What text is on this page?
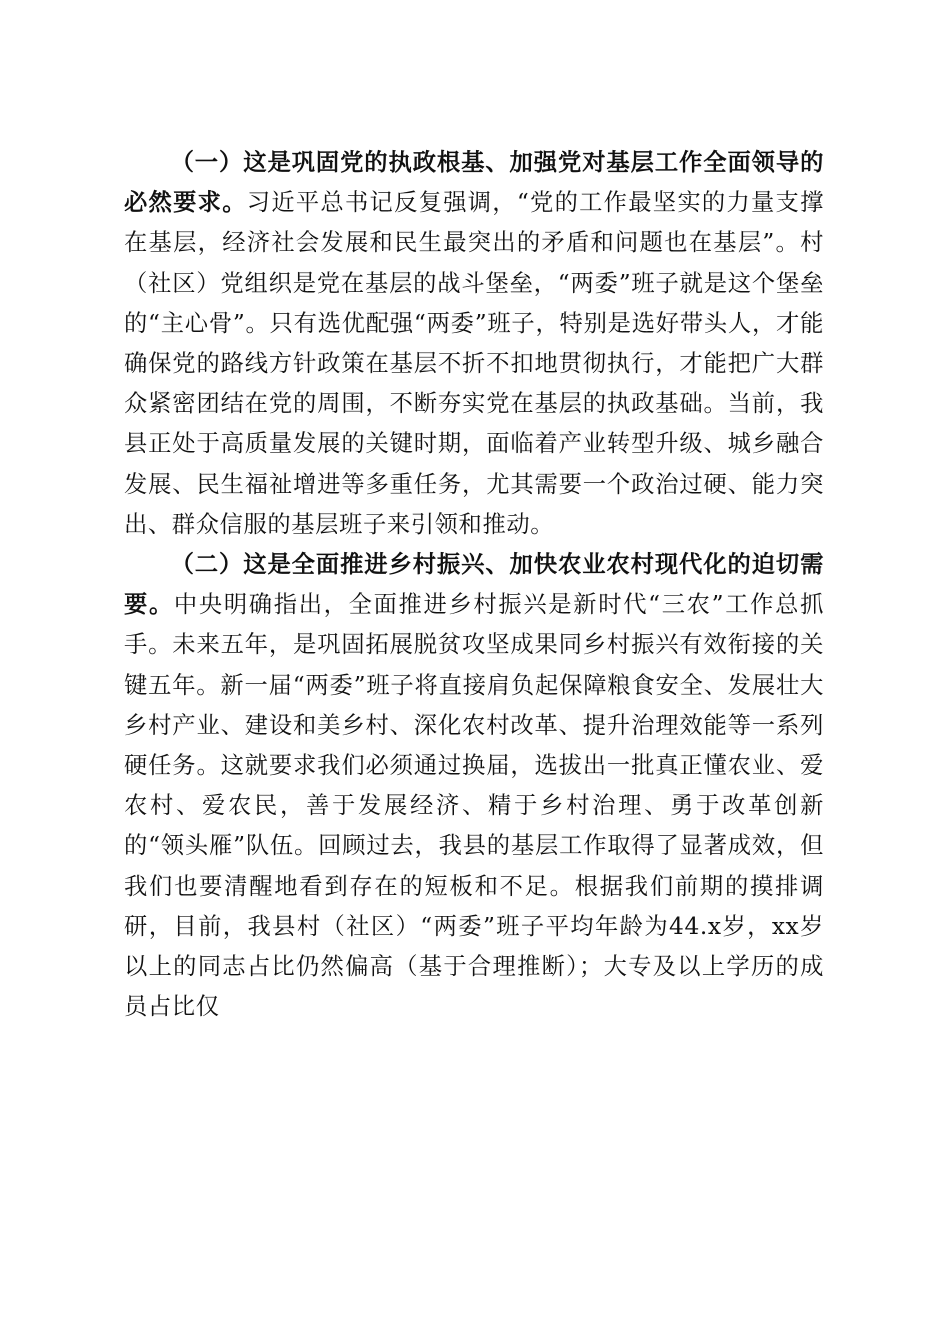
（一）这是巩固党的执政根基、加强党对基层工作全面领导的必然要求。习近平总书记反复强调，“党的工作最坚实的力量支撑在基层，经济社会发展和民生最突出的矛盾和问题也在基层”。村（社区）党组织是党在基层的战斗堡垒，“两委”班子就是这个堡垒的“主心骨”。只有选优配强“两委”班子，特别是选好带头人，才能确保党的路线方针政策在基层不折不扣地贯彻执行，才能把广大群众紧密团结在党的周围，不断夯实党在基层的执政基础。当前，我县正处于高质量发展的关键时期，面临着产业转型升级、城乡融合发展、民生福祉增进等多重任务，尤其需要一个政治过硬、能力突出、群众信服的基层班子来引领和推动。

（二）这是全面推进乡村振兴、加快农业农村现代化的迫切需要。中央明确指出，全面推进乡村振兴是新时代“三农”工作总抓手。未来五年，是巩固拓展脱贫攻坚成果同乡村振兴有效衔接的关键五年。新一届“两委”班子将直接肩负起保障粮食安全、发展壮大乡村产业、建设和美乡村、深化农村改革、提升治理效能等一系列硬任务。这就要求我们必须通过换届，选拔出一批真正懂农业、爱农村、爱农民，善于发展经济、精于乡村治理、勇于改革创新的“领头雁”队伍。回顾过去，我县的基层工作取得了显著成效，但我们也要清醒地看到存在的短板和不足。根据我们前期的摸排调研，目前，我县村（社区）“两委”班子平均年龄为44.x岁，xx岁以上的同志占比仍然偏高（基于合理推断）；大专及以上学历的成员占比仅
